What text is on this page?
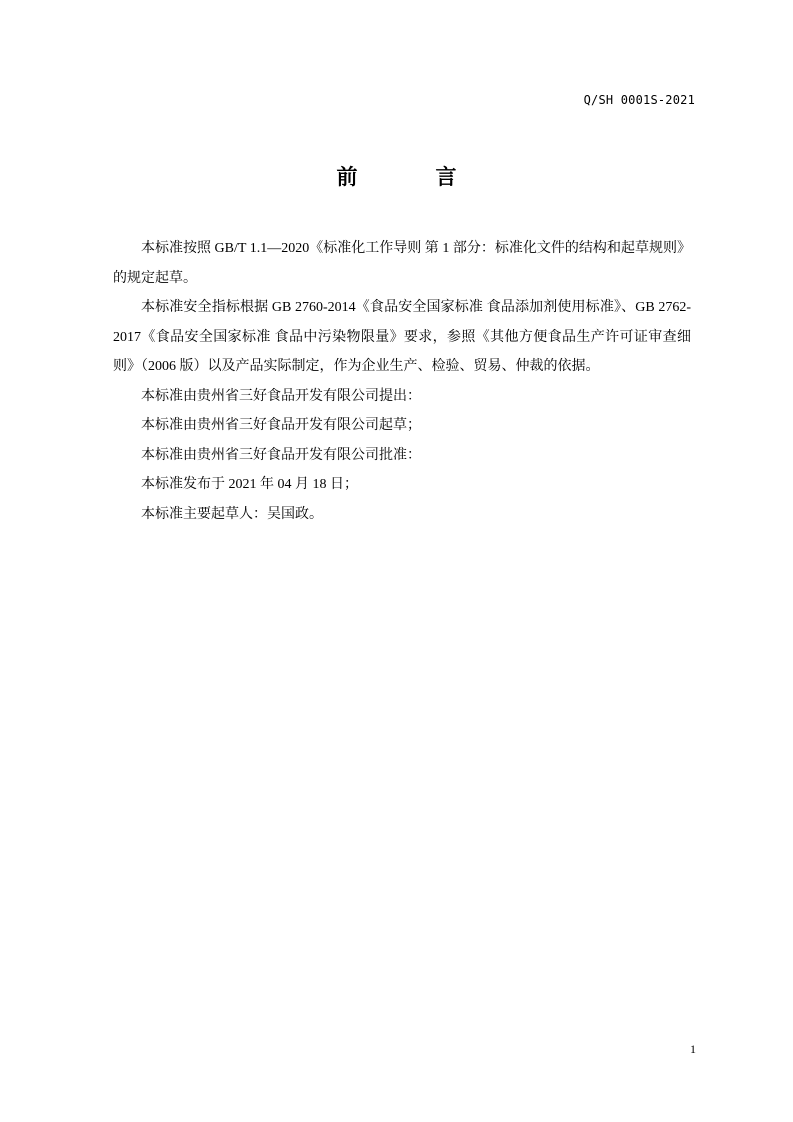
Q/SH 0001S-2021
前	言

本标准按照 GB/T 1.1—2020《标准化工作导则 第 1 部分：标准化文件的结构和起草规则》的规定起草。

本标准安全指标根据 GB 2760-2014《食品安全国家标准 食品添加剂使用标准》、GB 2762-2017《食品安全国家标准 食品中污染物限量》要求，参照《其他方便食品生产许可证审查细则》（2006 版）以及产品实际制定，作为企业生产、检验、贸易、仲裁的依据。

本标准由贵州省三好食品开发有限公司提出：

本标准由贵州省三好食品开发有限公司起草；

本标准由贵州省三好食品开发有限公司批准：

本标准发布于 2021 年 04 月 18 日；

本标准主要起草人：吴国政。

1
